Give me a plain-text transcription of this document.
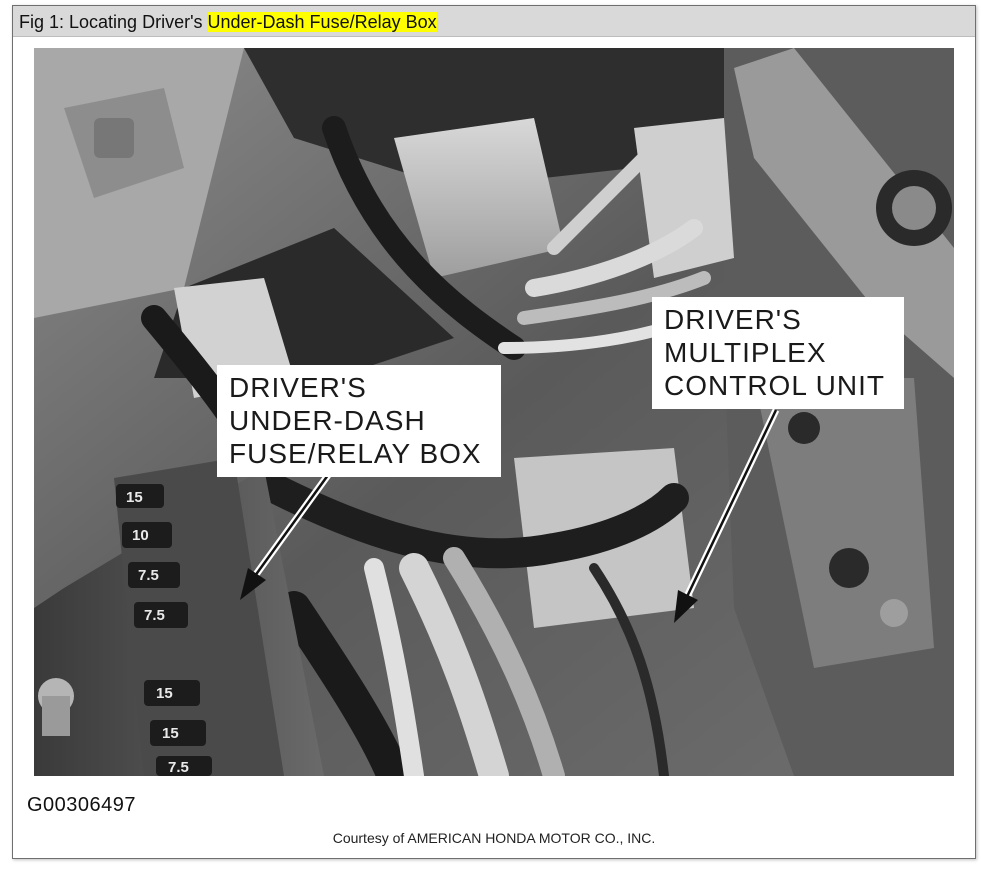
Fig 1: Locating Driver's Under-Dash Fuse/Relay Box
15
10
7.5
7.5
15
15
7.5
DRIVER'S
UNDER-DASH
FUSE/RELAY BOX
DRIVER'S
MULTIPLEX
CONTROL UNIT
G00306497
Courtesy of AMERICAN HONDA MOTOR CO., INC.
